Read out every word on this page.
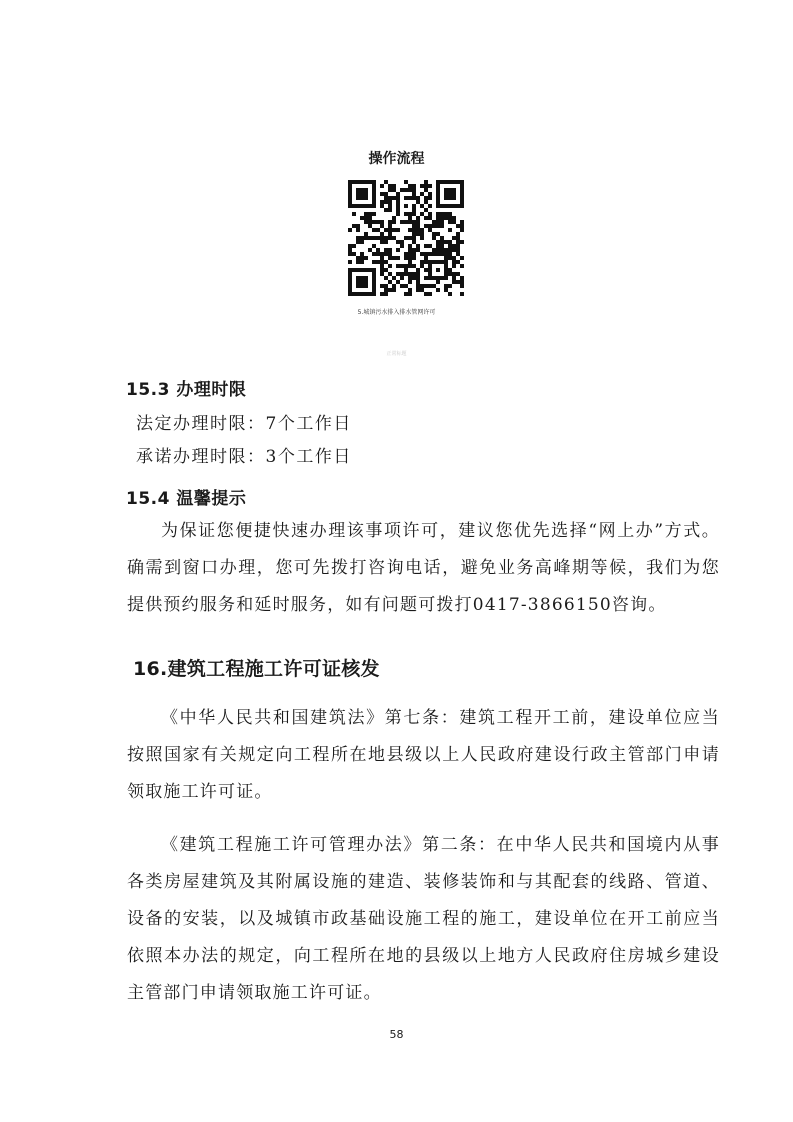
操作流程
5.城镇污水排入排水管网许可
正常标题
15.3 办理时限
法定办理时限：7个工作日
承诺办理时限：3个工作日
15.4 温馨提示

为保证您便捷快速办理该事项许可，建议您优先选择“网上办”方式。确需到窗口办理，您可先拨打咨询电话，避免业务高峰期等候，我们为您提供预约服务和延时服务，如有问题可拨打0417-3866150咨询。

16.建筑工程施工许可证核发

《中华人民共和国建筑法》第七条：建筑工程开工前，建设单位应当按照国家有关规定向工程所在地县级以上人民政府建设行政主管部门申请领取施工许可证。

《建筑工程施工许可管理办法》第二条：在中华人民共和国境内从事各类房屋建筑及其附属设施的建造、装修装饰和与其配套的线路、管道、设备的安装，以及城镇市政基础设施工程的施工，建设单位在开工前应当依照本办法的规定，向工程所在地的县级以上地方人民政府住房城乡建设主管部门申请领取施工许可证。

58
